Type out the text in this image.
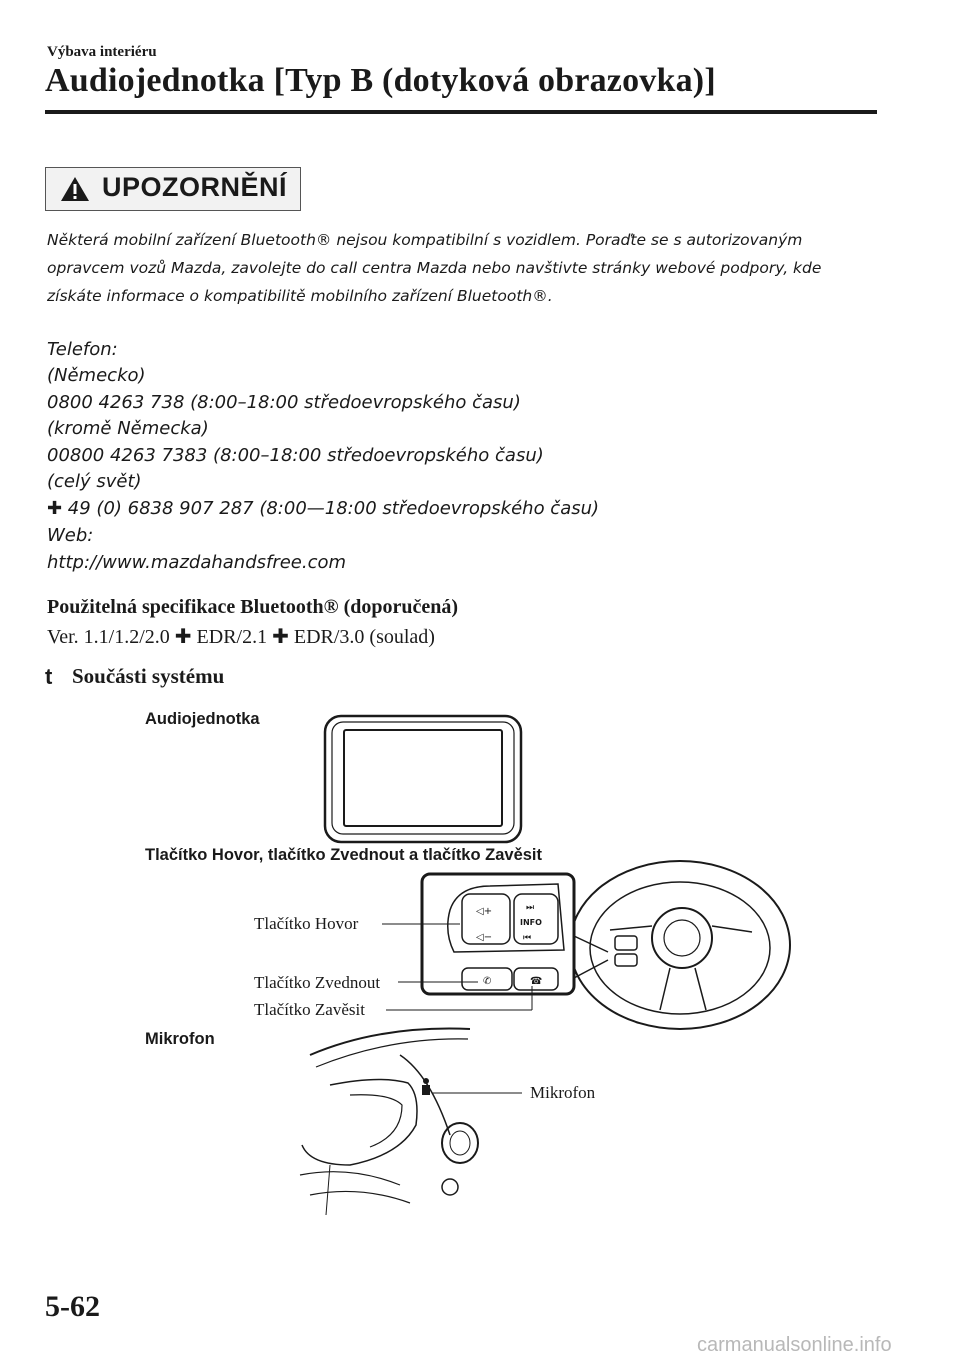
Výbava interiéru
Audiojednotka [Typ B (dotyková obrazovka)]
UPOZORNĚNÍ
Některá mobilní zařízení Bluetooth® nejsou kompatibilní s vozidlem. Poraďte se s autorizovaným
opravcem vozů Mazda, zavolejte do call centra Mazda nebo navštivte stránky webové podpory, kde
získáte informace o kompatibilitě mobilního zařízení Bluetooth®.
Telefon:
(Německo)
0800 4263 738 (8:00–18:00 středoevropského času)
(kromě Německa)
00800 4263 7383 (8:00–18:00 středoevropského času)
(celý svět)
✚ 49 (0) 6838 907 287 (8:00—18:00 středoevropského času)
Web:
http://www.mazdahandsfree.com
Použitelná specifikace Bluetooth® (doporučená)
Ver. 1.1/1.2/2.0 ✚ EDR/2.1 ✚ EDR/3.0 (soulad)
t Součásti systému
Audiojednotka
Tlačítko Hovor, tlačítko Zvednout a tlačítko Zavěsit
◁+
◁−
⏭
⏮
INFO
✆	☎
Tlačítko Hovor
Tlačítko Zvednout
Tlačítko Zavěsit
Mikrofon
Mikrofon
5-62
carmanualsonline.info
